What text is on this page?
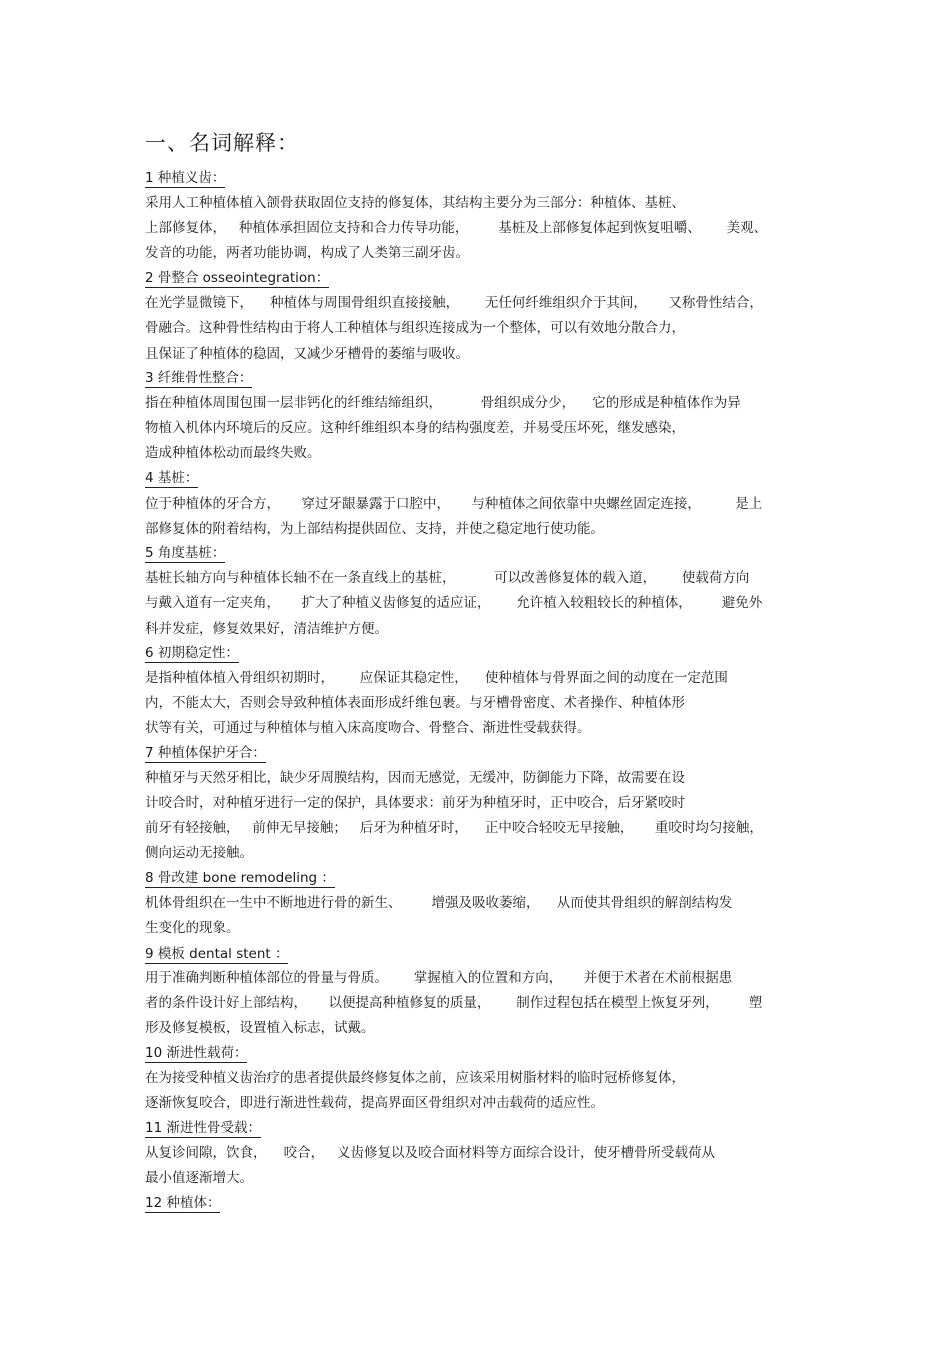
一、名词解释：
1 种植义齿：
采用人工种植体植入颌骨获取固位支持的修复体，其结构主要分为三部分：种植体、基桩、
上部修复体，   种植体承担固位支持和合力传导功能，       基桩及上部修复体起到恢复咀嚼、      美观、
发音的功能，两者功能协调，构成了人类第三副牙齿。
2 骨整合 osseointegration：
在光学显微镜下，    种植体与周围骨组织直接接触，      无任何纤维组织介于其间，     又称骨性结合，
骨融合。这种骨性结构由于将人工种植体与组织连接成为一个整体，可以有效地分散合力，
且保证了种植体的稳固，又减少牙槽骨的萎缩与吸收。
3 纤维骨性整合：
指在种植体周围包围一层非钙化的纤维结缔组织，         骨组织成分少，    它的形成是种植体作为异
物植入机体内环境后的反应。这种纤维组织本身的结构强度差，并易受压坏死，继发感染，
造成种植体松动而最终失败。
4 基桩：
位于种植体的牙合方，     穿过牙龈暴露于口腔中，     与种植体之间依靠中央螺丝固定连接，        是上
部修复体的附着结构，为上部结构提供固位、支持，并使之稳定地行使功能。
5 角度基桩：
基桩长轴方向与种植体长轴不在一条直线上的基桩，         可以改善修复体的载入道，      使载荷方向
与戴入道有一定夹角，     扩大了种植义齿修复的适应证，      允许植入较粗较长的种植体，       避免外
科并发症，修复效果好，清洁维护方便。
6 初期稳定性：
是指种植体植入骨组织初期时，      应保证其稳定性，    使种植体与骨界面之间的动度在一定范围
内，不能太大，否则会导致种植体表面形成纤维包裹。与牙槽骨密度、术者操作、种植体形
状等有关，可通过与种植体与植入床高度吻合、骨整合、渐进性受载获得。
7 种植体保护牙合：
种植牙与天然牙相比，缺少牙周膜结构，因而无感觉，无缓冲，防御能力下降，故需要在设
计咬合时，对种植牙进行一定的保护，具体要求：前牙为种植牙时，正中咬合，后牙紧咬时
前牙有轻接触，   前伸无早接触；   后牙为种植牙时，    正中咬合轻咬无早接触，     重咬时均匀接触，
侧向运动无接触。
8 骨改建 bone remodeling ：
机体骨组织在一生中不断地进行骨的新生、       增强及吸收萎缩，    从而使其骨组织的解剖结构发
生变化的现象。
9 模板 dental stent ：
用于准确判断种植体部位的骨量与骨质。      掌握植入的位置和方向，     并便于术者在术前根据患
者的条件设计好上部结构，     以便提高种植修复的质量，      制作过程包括在模型上恢复牙列，       塑
形及修复模板，设置植入标志，试戴。
10 渐进性载荷：
在为接受种植义齿治疗的患者提供最终修复体之前，应该采用树脂材料的临时冠桥修复体，
逐渐恢复咬合，即进行渐进性载荷，提高界面区骨组织对冲击载荷的适应性。
11 渐进性骨受载：
从复诊间隙，饮食，    咬合，   义齿修复以及咬合面材料等方面综合设计，使牙槽骨所受载荷从
最小值逐渐增大。
12 种植体：
